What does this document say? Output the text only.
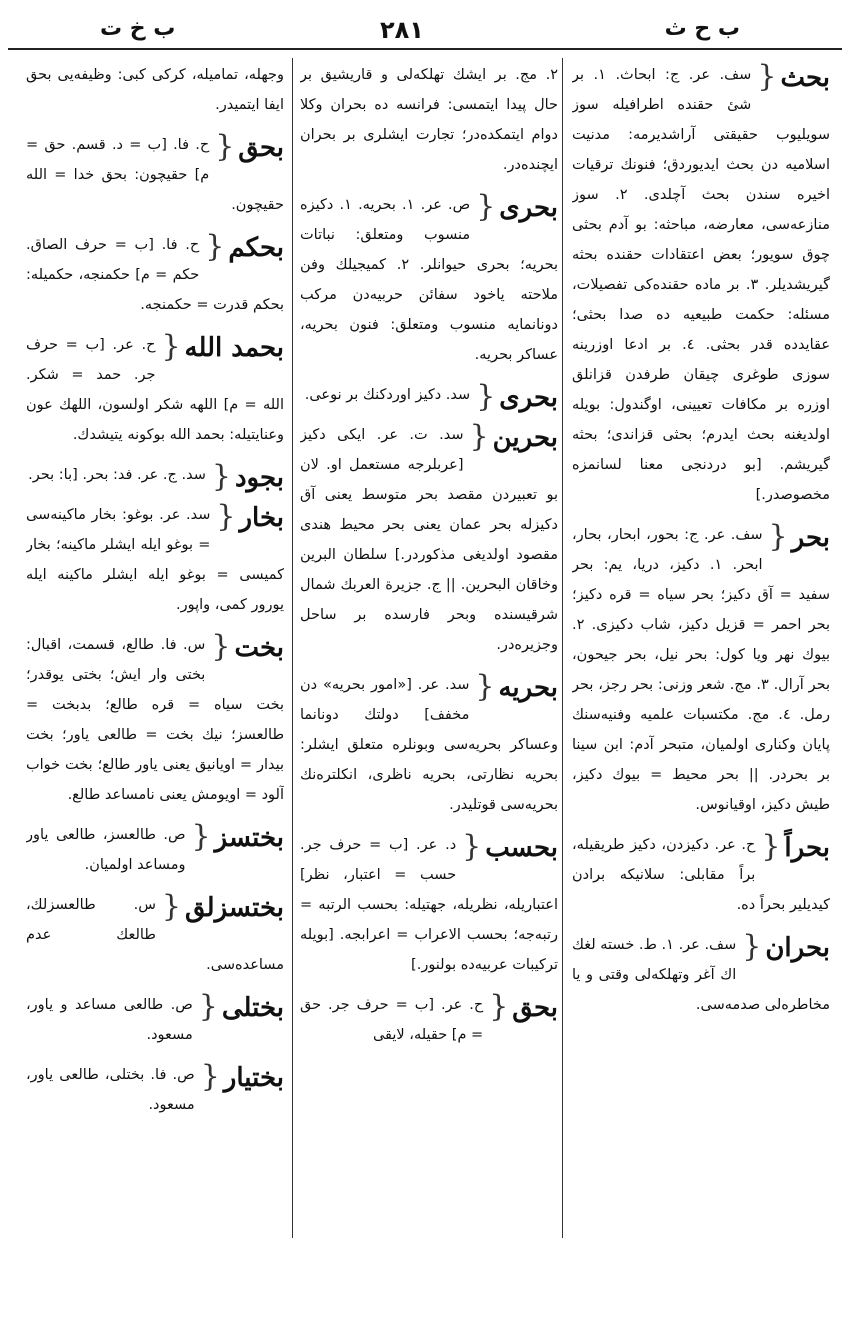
ب ح ث
٢٨١
ب خ ت
بحث {
سف. عر. ج: ابحاث. ١. بر شیٔ حقنده اطرافیله سوز سویلیوب حقیقتی آراشدیرمه: مدنیت اسلامیه دن بحث ایدیوردق؛ فنونك ترقیات اخیره سندن بحث آچلدی. ٢. سوز منازعه‌سی، معارضه، مباحثه: بو آدم بحثی چوق سویور؛ بعض اعتقادات حقنده بحثه گیریشدیلر. ٣. بر ماده حقنده‌كی تفصیلات، مسئله: حكمت طبیعیه ده صدا بحثی؛ عقایدده قدر بحثی. ٤. بر ادعا اوزرینه سوزی طوغری چیقان طرفدن قزانلق اوزره بر مكافات تعیینی، اوگندول: بویله اولدیغنه بحث ایدرم؛ بحثی قزاندی؛ بحثه گیریشم. [بو دردنجی معنا لسانمزه مخصوصدر.]
بحر {
سف. عر. ج: بحور، ابحار، بحار، ابحر. ١. دكیز، دریا، یم: بحر سفید = آق دكیز؛ بحر سیاه = قره دكیز؛ بحر احمر = قزیل دكیز، شاب دكیزی. ٢. بیوك نهر ویا كول: بحر نیل، بحر جیحون، بحر آرال. ٣. مج. شعر وزنی: بحر رجز، بحر رمل. ٤. مج. مكتسبات علمیه وفنیه‌سنك پایان وكناری اولمیان، متبحر آدم: ابن سینا بر بحردر. || بحر محیط = بیوك دكیز، طیش دكیز، اوقیانوس.
بحراً {
ح. عر. دكیزدن، دكیز طریقیله، براً مقابلی: سلانیكه برادن كیدیلیر بحراً ده.
بحران {
سف. عر. ١. ط. خسته لغك اك آغر وتهلكه‌لی وقتی و یا مخاطره‌لی صدمه‌سی.
٢. مج. بر ایشك تهلكه‌لی و قاریشیق بر حال پیدا ایتمسی: فرانسه ده بحران وكلا دوام ایتمكده‌در؛ تجارت ایشلری بر بحران ایچنده‌در.
بحری {
ص. عر. ١. بحریه. ١. دكیزه منسوب ومتعلق: نباتات بحریه؛ بحری حیوانلر. ٢. كمیجیلك وفن ملاحته یاخود سفائن حربیه‌دن مركب دونانمایه منسوب ومتعلق: فنون بحریه، عساكر بحریه.
بحری {
سد. دكیز اوردكنك بر نوعی.
بحرین {
سد. ت. عر. ایكی دكیز [عربلرجه مستعمل او. لان بو تعبیردن مقصد بحر متوسط یعنی آق دكیزله بحر عمان یعنی بحر محیط هندی مقصود اولدیغی مذكوردر.] سلطان البرین وخاقان البحرین. || ج. جزیرة العربك شمال شرقیسنده وبحر فارسده بر ساحل وجزیره‌در.
بحریه {
سد. عر. [«امور بحریه» دن مخفف] دولتك دونانما وعساكر بحریه‌سی وبونلره متعلق ایشلر: بحریه نظارتی، بحریه ناظری، انكلتره‌نك بحریه‌سی قوتلیدر.
بحسب {
د. عر. [ب = حرف جر. حسب = اعتبار، نظر] اعتباریله، نظریله، جهتیله: بحسب الرتبه = رتبه‌جه؛ بحسب الاعراب = اعرابجه. [بویله تركیبات عربیه‌ده بولنور.]
بحق {
ح. عر. [ب = حرف جر. حق = م] حقیله، لایقی
وجهله، تمامیله، كركی كبی: وظیفه‌یی بحق ایفا ایتمیدر.
بحق {
ح. فا. [ب = د. قسم. حق = م] حقیچون: بحق خدا = الله حقیچون.
بحكم {
ح. فا. [ب = حرف الصاق. حكم = م] حكمنجه، حكمیله: بحكم قدرت = حكمنجه.
بحمد الله {
ح. عر. [ب = حرف جر. حمد = شكر. الله = م] اللهه شكر اولسون، اللهك عون وعنایتیله: بحمد الله بوكونه یتیشدك.
بجود {
سد. ج. عر. فد: بحر. [با: بحر.
بخار {
سد. عر. بوغو: بخار ماكینه‌سی = بوغو ایله ایشلر ماكینه؛ بخار كمیسی = بوغو ایله ایشلر ماكینه ایله یورور كمی، واپور.
بخت {
س. فا. طالع، قسمت، اقبال: بختی وار ایش؛ بختی یوقدر؛ بخت سیاه = قره طالع؛ بدبخت = طالعسز؛ نیك بخت = طالعی یاور؛ بخت بیدار = اویانیق یعنی یاور طالع؛ بخت خواب آلود = اویومش یعنی نامساعد طالع.
بختسز {
ص. طالعسز، طالعی یاور ومساعد اولمیان.
بختسزلق {
س. طالعسزلك، طالعك عدم مساعده‌سی.
بختلی {
ص. طالعی مساعد و یاور، مسعود.
بختیار {
ص. فا. بختلی، طالعی یاور، مسعود.
